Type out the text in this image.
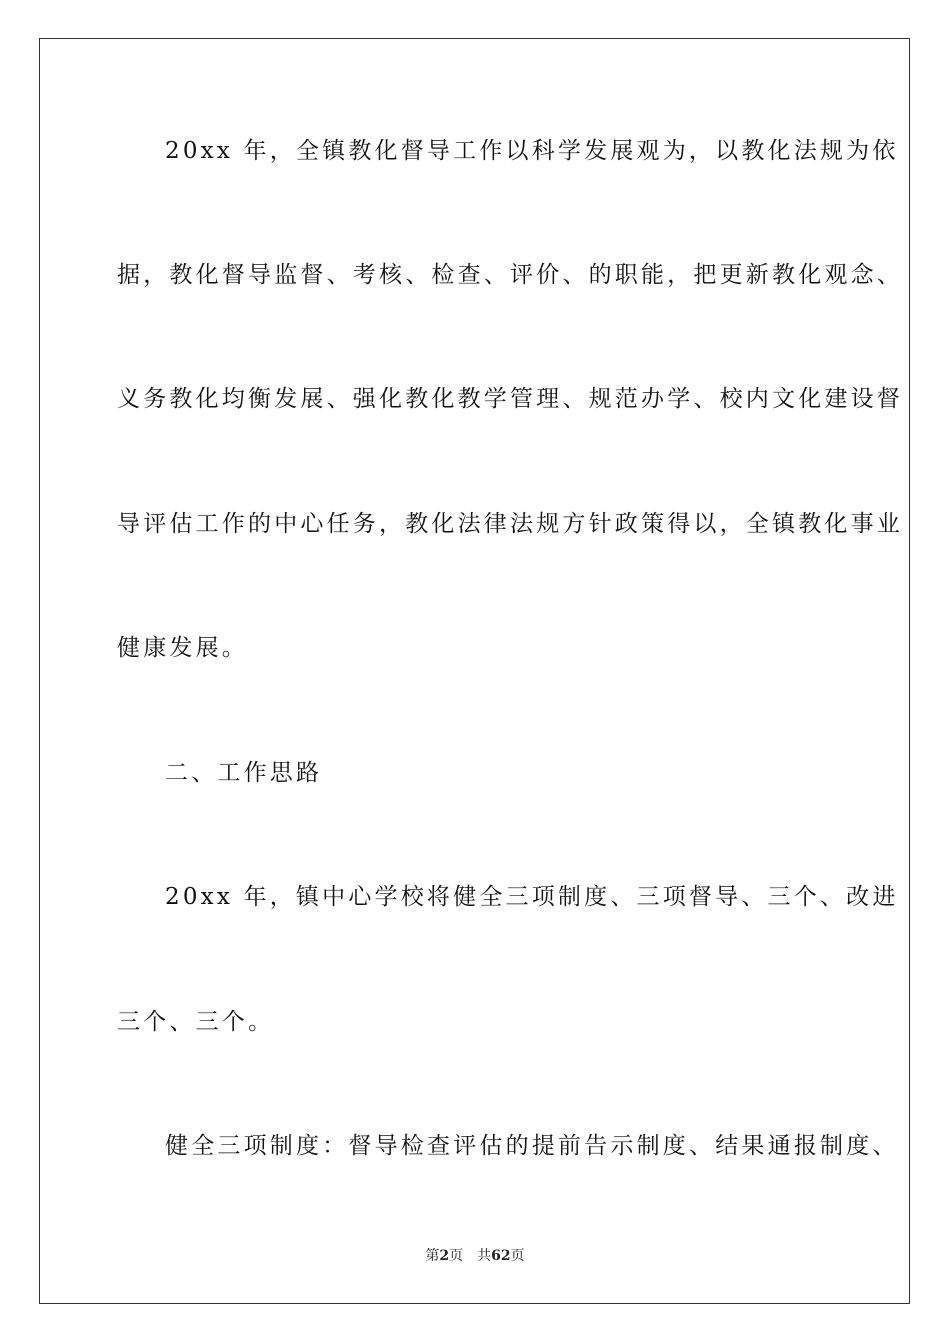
20xx 年，全镇教化督导工作以科学发展观为，以教化法规为依
据，教化督导监督、考核、检查、评价、的职能，把更新教化观念、
义务教化均衡发展、强化教化教学管理、规范办学、校内文化建设督
导评估工作的中心任务，教化法律法规方针政策得以，全镇教化事业
健康发展。
二、工作思路
20xx 年，镇中心学校将健全三项制度、三项督导、三个、改进
三个、三个。
健全三项制度：督导检查评估的提前告示制度、结果通报制度、
第2页 共62页
